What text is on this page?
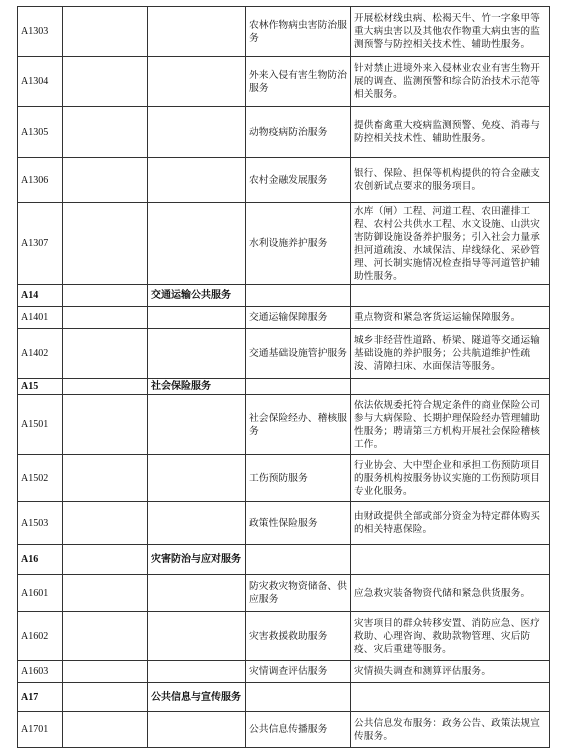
A1303			农林作物病虫害防治服务	开展松材线虫病、松褐天牛、竹一字象甲等重大病虫害以及其他农作物重大病虫害的监测预警与防控相关技术性、辅助性服务。
A1304			外来入侵有害生物防治服务	针对禁止进境外来入侵林业农业有害生物开展的调查、监测预警和综合防治技术示范等相关服务。
A1305			动物疫病防治服务	提供畜禽重大疫病监测预警、免疫、消毒与防控相关技术性、辅助性服务。
A1306			农村金融发展服务	银行、保险、担保等机构提供的符合金融支农创新试点要求的服务项目。
A1307			水利设施养护服务	水库（闸）工程、河道工程、农田灌排工程、农村公共供水工程、水文设施、山洪灾害防御设施设备养护服务；引入社会力量承担河道疏浚、水域保洁、岸线绿化、采砂管理、河长制实施情况检查指导等河道管护辅助性服务。
A14		交通运输公共服务		
A1401			交通运输保障服务	重点物资和紧急客货运运输保障服务。
A1402			交通基础设施管护服务	城乡非经营性道路、桥梁、隧道等交通运输基础设施的养护服务；公共航道维护性疏浚、清障扫床、水面保洁等服务。
A15		社会保险服务		
A1501			社会保险经办、稽核服务	依法依规委托符合规定条件的商业保险公司参与大病保险、长期护理保险经办管理辅助性服务；聘请第三方机构开展社会保险稽核工作。
A1502			工伤预防服务	行业协会、大中型企业和承担工伤预防项目的服务机构按服务协议实施的工伤预防项目专业化服务。
A1503			政策性保险服务	由财政提供全部或部分资金为特定群体购买的相关特惠保险。
A16		灾害防治与应对服务		
A1601			防灾救灾物资储备、供应服务	应急救灾装备物资代储和紧急供货服务。
A1602			灾害救援救助服务	灾害项目的群众转移安置、消防应急、医疗救助、心理咨询、救助款物管理、灾后防疫、灾后重建等服务。
A1603			灾情调查评估服务	灾情损失调查和测算评估服务。
A17		公共信息与宣传服务		
A1701			公共信息传播服务	公共信息发布服务：政务公告、政策法规宣传服务。
